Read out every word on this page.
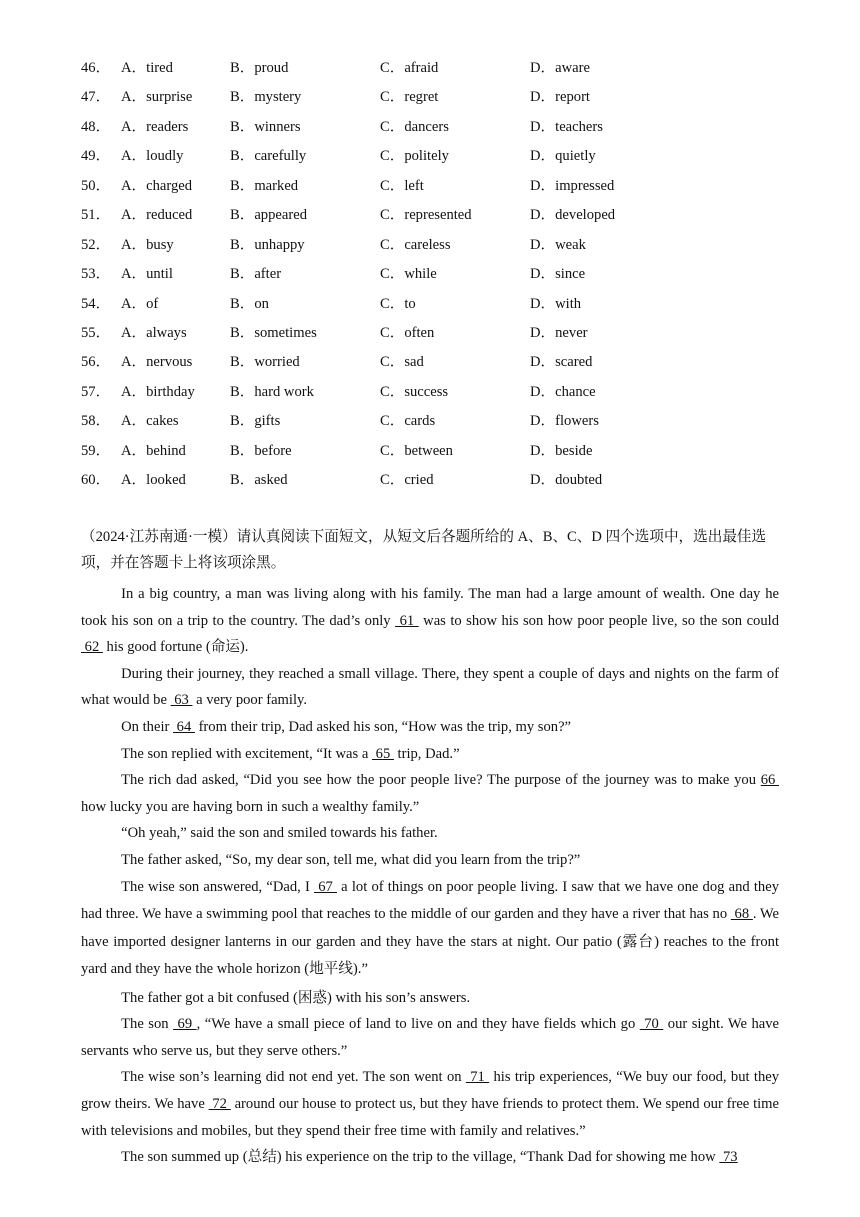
46． A．tired	B．proud	C．afraid	D．aware
47． A．surprise	B．mystery	C．regret	D．report
48． A．readers	B．winners	C．dancers	D．teachers
49． A．loudly	B．carefully	C．politely	D．quietly
50． A．charged	B．marked	C．left	D．impressed
51． A．reduced	B．appeared	C．represented	D．developed
52． A．busy	B．unhappy	C．careless	D．weak
53． A．until	B．after	C．while	D．since
54． A．of	B．on	C．to	D．with
55． A．always	B．sometimes	C．often	D．never
56． A．nervous	B．worried	C．sad	D．scared
57． A．birthday B．hard work	C．success	D．chance
58． A．cakes	B．gifts	C．cards	D．flowers
59． A．behind	B．before	C．between	D．beside
60． A．looked	B．asked	C．cried	D．doubted

（2024·江苏南通·一模）请认真阅读下面短文，从短文后各题所给的 A、B、C、D 四个选项中，选出最佳选项，并在答题卡上将该项涂黑。

In a big country, a man was living along with his family. The man had a large amount of wealth. One day he took his son on a trip to the country. The dad’s only  61  was to show his son how poor people live, so the son could  62  his good fortune (命运).

During their journey, they reached a small village. There, they spent a couple of days and nights on the farm of what would be  63  a very poor family.

On their  64  from their trip, Dad asked his son, “How was the trip, my son?”

The son replied with excitement, “It was a  65  trip, Dad.”

The rich dad asked, “Did you see how the poor people live? The purpose of the journey was to make you 66  how lucky you are having born in such a wealthy family.”

“Oh yeah,” said the son and smiled towards his father.

The father asked, “So, my dear son, tell me, what did you learn from the trip?”

The wise son answered, “Dad, I  67  a lot of things on poor people living. I saw that we have one dog and they had three. We have a swimming pool that reaches to the middle of our garden and they have a river that has no  68 . We have imported designer lanterns in our garden and they have the stars at night. Our patio (露台) reaches to the front yard and they have the whole horizon (地平线).”

The father got a bit confused (困惑) with his son’s answers.

The son  69 , “We have a small piece of land to live on and they have fields which go  70  our sight. We have servants who serve us, but they serve others.”

The wise son’s learning did not end yet. The son went on  71  his trip experiences, “We buy our food, but they grow theirs. We have  72  around our house to protect us, but they have friends to protect them. We spend our free time with televisions and mobiles, but they spend their free time with family and relatives.”

The son summed up (总结) his experience on the trip to the village, “Thank Dad for showing me how  73
